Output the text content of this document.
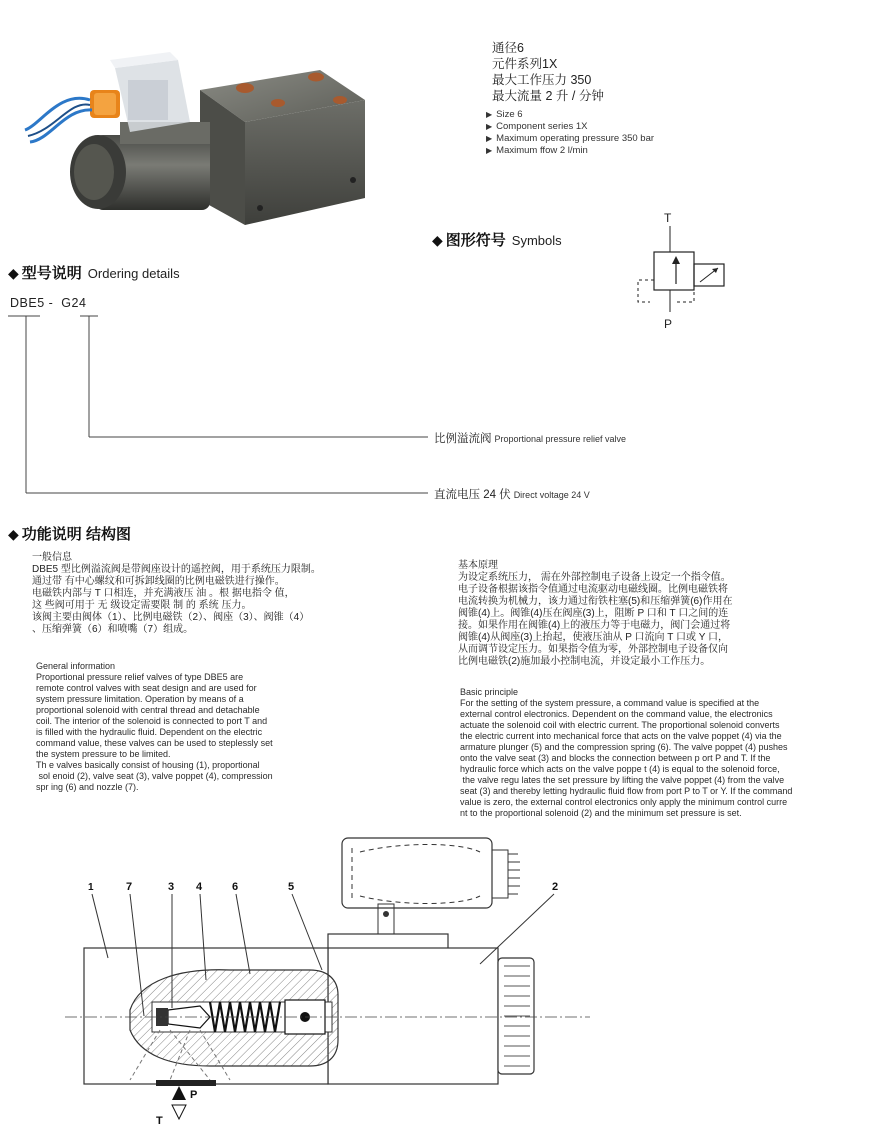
通径6
元件系列1X
最大工作压力 350
最大流量 2 升 / 分钟
▶ Size 6
▶ Component series 1X
▶ Maximum operating pressure 350 bar
▶ Maximum ffow 2 l/min
◆ 图形符号 Symbols
T
P
◆ 型号说明 Ordering details
DBE5 - G24
比例溢流阀 Proportional pressure relief valve
直流电压 24 伏 Direct voltage 24 V
◆ 功能说明 结构图
一般信息
DBE5 型比例溢流阀是带阀座设计的遥控阀，用于系统压力限制。
通过带 有中心螺纹和可拆卸线圈的比例电磁铁进行操作。
电磁铁内部与 T 口相连，并充满液压 油 。根 据电指令 值，
这 些阀可用于 无 级设定需要限 制 的 系统 压力。
该阀主要由阀体（1）、比例电磁铁（2）、阀座（3）、阀锥（4）
、压缩弹簧（6）和喷嘴（7）组成。
General information
Proportional pressure relief valves of type DBE5 are
remote control valves with seat design and are used for
system pressure limitation. Operation by means of a
proportional solenoid with central thread and detachable
coil. The interior of the solenoid is connected to port T and
is filled with the hydraulic fluid. Dependent on the electric
command value, these valves can be used to steplessly set
the system pressure to be limited.
Th e valves basically consist of housing (1), proportional
sol enoid (2), valve seat (3), valve poppet (4), compression
spr ing (6) and nozzle (7).
基本原理
为设定系统压力， 需在外部控制电子设备上设定一个指令值。
电子设备根据该指令值通过电流驱动电磁线圈。比例电磁铁将
电流转换为机械力，该力通过衔铁柱塞(5)和压缩弹簧(6)作用在
阀锥(4)上。阀锥(4)压在阀座(3)上，阻断 P 口和 T 口之间的连
接。如果作用在阀锥(4)上的液压力等于电磁力，阀门会通过将
阀锥(4)从阀座(3)上抬起，使液压油从 P 口流向 T 口或 Y 口，
从而调节设定压力。如果指令值为零，外部控制电子设备仅向
比例电磁铁(2)施加最小控制电流，并设定最小工作压力。
Basic principle
For the setting of the system pressure, a command value is specified at the
external control electronics. Dependent on the command value, the electronics
actuate the solenoid coil with electric current. The proportional solenoid converts
the electric current into mechanical force that acts on the valve poppet (4) via the
armature plunger (5) and the compression spring (6). The valve poppet (4) pushes
onto the valve seat (3) and blocks the connection between p ort P and T. If the
hydraulic force which acts on the valve poppe t (4) is equal to the solenoid force,
the valve regu lates the set pressure by lifting the valve poppet (4) from the valve
seat (3) and thereby letting hydraulic fluid flow from port P to T or Y. If the command
value is zero, the external control electronics only apply the minimum control curre
nt to the proportional solenoid (2) and the minimum set pressure is set.
P
T
1	7	3 4	6	5	2
